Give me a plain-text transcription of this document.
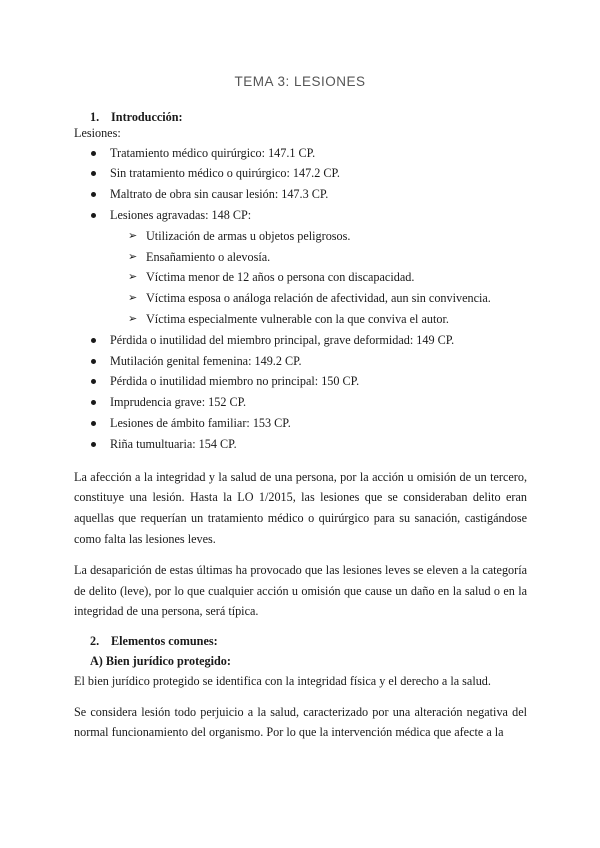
TEMA 3: LESIONES
1. Introducción:

Lesiones:

Tratamiento médico quirúrgico: 147.1 CP.
Sin tratamiento médico o quirúrgico: 147.2 CP.
Maltrato de obra sin causar lesión: 147.3 CP.
Lesiones agravadas: 148 CP:
➢ Utilización de armas u objetos peligrosos.
➢ Ensañamiento o alevosía.
➢ Víctima menor de 12 años o persona con discapacidad.
➢ Víctima esposa o análoga relación de afectividad, aun sin convivencia.
➢ Víctima especialmente vulnerable con la que conviva el autor.
Pérdida o inutilidad del miembro principal, grave deformidad: 149 CP.
Mutilación genital femenina: 149.2 CP.
Pérdida o inutilidad miembro no principal: 150 CP.
Imprudencia grave: 152 CP.
Lesiones de ámbito familiar: 153 CP.
Riña tumultuaria: 154 CP.

La afección a la integridad y la salud de una persona, por la acción u omisión de un tercero, constituye una lesión. Hasta la LO 1/2015, las lesiones que se consideraban delito eran aquellas que requerían un tratamiento médico o quirúrgico para su sanación, castigándose como falta las lesiones leves.

La desaparición de estas últimas ha provocado que las lesiones leves se eleven a la categoría de delito (leve), por lo que cualquier acción u omisión que cause un daño en la salud o en la integridad de una persona, será típica.

2. Elementos comunes:
A) Bien jurídico protegido:

El bien jurídico protegido se identifica con la integridad física y el derecho a la salud.

Se considera lesión todo perjuicio a la salud, caracterizado por una alteración negativa del normal funcionamiento del organismo. Por lo que la intervención médica que afecte a la
